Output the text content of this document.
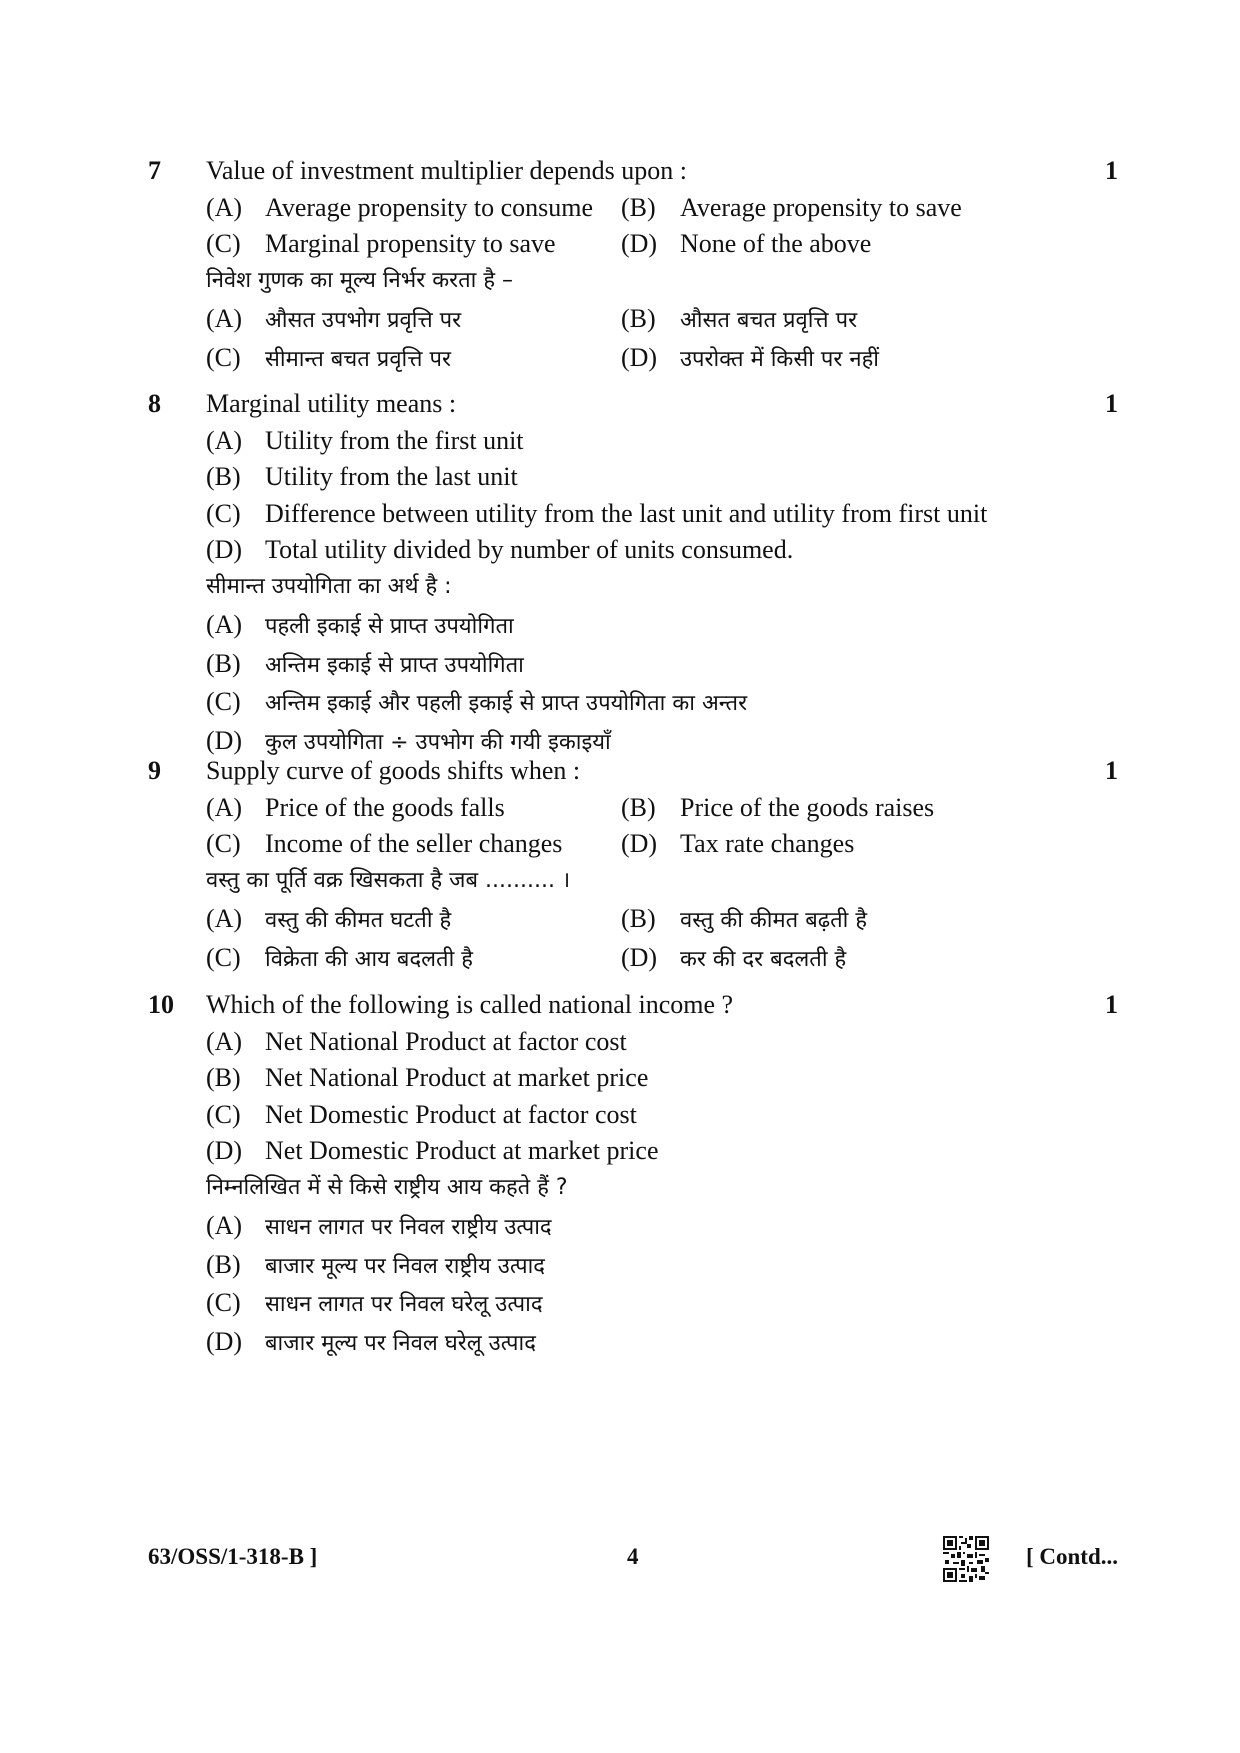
7 Value of investment multiplier depends upon :	1
(A) Average propensity to consume (B) Average propensity to save
(C) Marginal propensity to save	(D) None of the above
निवेश गुणक का मूल्य निर्भर करता है –
(A) औसत उपभोग प्रवृत्ति पर	(B) औसत बचत प्रवृत्ति पर
(C) सीमान्त बचत प्रवृत्ति पर	(D) उपरोक्त में किसी पर नहीं
8 Marginal utility means :	1
(A) Utility from the first unit
(B) Utility from the last unit
(C) Difference between utility from the last unit and utility from first unit
(D) Total utility divided by number of units consumed.
सीमान्त उपयोगिता का अर्थ है :
(A) पहली इकाई से प्राप्त उपयोगिता
(B) अन्तिम इकाई से प्राप्त उपयोगिता
(C) अन्तिम इकाई और पहली इकाई से प्राप्त उपयोगिता का अन्तर
(D) कुल उपयोगिता ÷ उपभोग की गयी इकाइयाँ
9 Supply curve of goods shifts when :	1
(A) Price of the goods falls	(B) Price of the goods raises
(C) Income of the seller changes (D) Tax rate changes
वस्तु का पूर्ति वक्र खिसकता है जब .......... ।
(A) वस्तु की कीमत घटती है	(B) वस्तु की कीमत बढ़ती है
(C) विक्रेता की आय बदलती है	(D) कर की दर बदलती है
10 Which of the following is called national income ?	1
(A) Net National Product at factor cost
(B) Net National Product at market price
(C) Net Domestic Product at factor cost
(D) Net Domestic Product at market price
निम्नलिखित में से किसे राष्ट्रीय आय कहते हैं ?
(A) साधन लागत पर निवल राष्ट्रीय उत्पाद
(B) बाजार मूल्य पर निवल राष्ट्रीय उत्पाद
(C) साधन लागत पर निवल घरेलू उत्पाद
(D) बाजार मूल्य पर निवल घरेलू उत्पाद
63/OSS/1-318-B ]	4	[ Contd...
